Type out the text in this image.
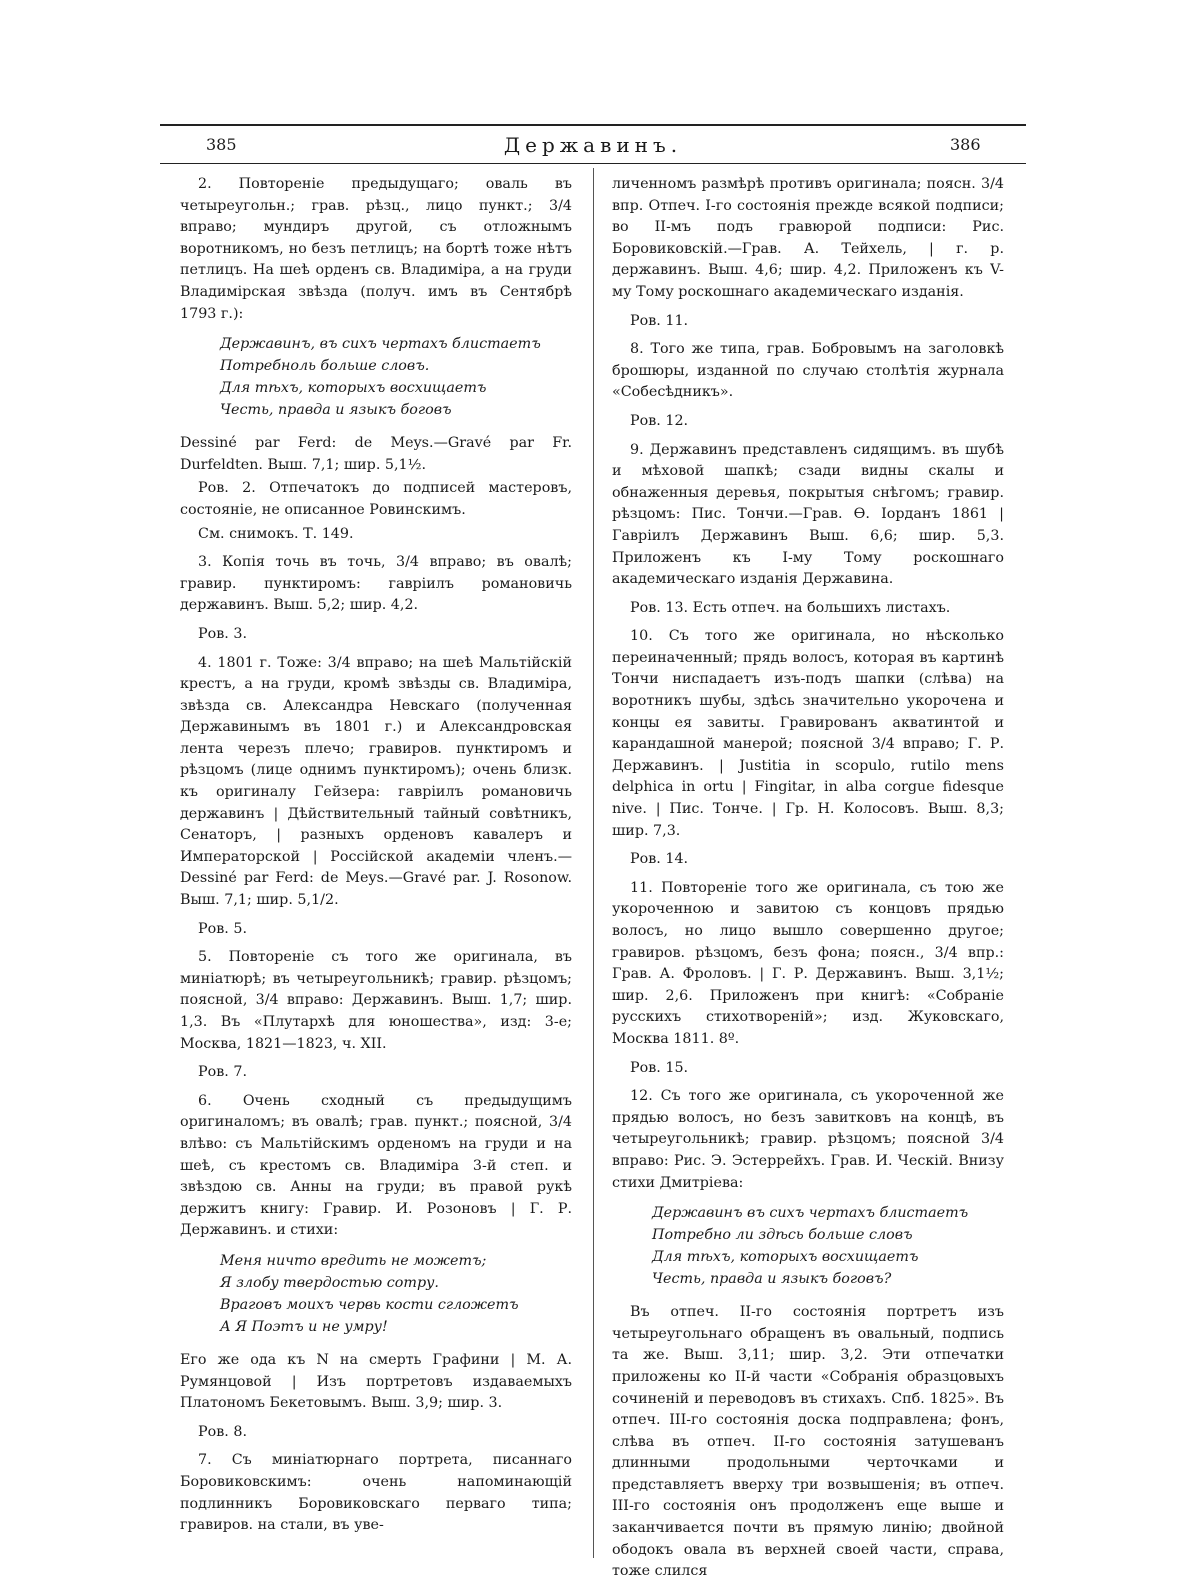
385	Державинъ.	386

2. Повтореніе предыдущаго; оваль въ четыреугольн.; грав. рѣзц., лицо пункт.; 3/4 вправо; мундиръ другой, съ отложнымъ воротникомъ, но безъ петлицъ; на бортѣ тоже нѣтъ петлицъ. На шеѣ орденъ св. Владиміра, а на груди Владимірская звѣзда (получ. имъ въ Сентябрѣ 1793 г.):

Державинъ, въ сихъ чертахъ блистаетъ
Потребноль больше словъ.
Для тѣхъ, которыхъ восхищаетъ
Честь, правда и языкъ боговъ

Dessiné par Ferd: de Meys.—Gravé par Fr. Durfeldten. Выш. 7,1; шир. 5,1½.

Ров. 2. Отпечатокъ до подписей мастеровъ, состояніе, не описанное Ровинскимъ.

См. снимокъ. Т. 149.

3. Копія точь въ точь, 3/4 вправо; въ овалѣ; гравир. пунктиромъ: гавріилъ романовичь державинъ. Выш. 5,2; шир. 4,2.

Ров. 3.

4. 1801 г. Тоже: 3/4 вправо; на шеѣ Мальтійскій крестъ, а на груди, кромѣ звѣзды св. Владиміра, звѣзда св. Александра Невскаго (полученная Державинымъ въ 1801 г.) и Александровская лента черезъ плечо; гравиров. пунктиромъ и рѣзцомъ (лице однимъ пунктиромъ); очень близк. къ оригиналу Гейзера: гавріилъ романовичь державинъ | Дѣйствительный тайный совѣтникъ, Сенаторъ, | разныхъ орденовъ кавалеръ и Императорской | Россійской академіи членъ.—Dessiné par Ferd: de Meys.—Gravé par. J. Rosonow. Выш. 7,1; шир. 5,1/2.

Ров. 5.

5. Повтореніе съ того же оригинала, въ миніатюрѣ; въ четыреугольникѣ; гравир. рѣзцомъ; поясной, 3/4 вправо: Державинъ. Выш. 1,7; шир. 1,3. Въ «Плутархѣ для юношества», изд: 3-е; Москва, 1821—1823, ч. XII.

Ров. 7.

6. Очень сходный съ предыдущимъ оригиналомъ; въ овалѣ; грав. пункт.; поясной, 3/4 влѣво: съ Мальтійскимъ орденомъ на груди и на шеѣ, съ крестомъ св. Владиміра 3-й степ. и звѣздою св. Анны на груди; въ правой рукѣ держитъ книгу: Гравир. И. Розоновъ | Г. Р. Державинъ. и стихи:

Меня ничто вредить не можетъ;
Я злобу твердостью сотру.
Враговъ моихъ червь кости сгложетъ
А Я Поэтъ и не умру!

Его же ода къ N на смерть Графини | М. А. Румянцовой | Изъ портретовъ издаваемыхъ Платономъ Бекетовымъ. Выш. 3,9; шир. 3.

Ров. 8.

7. Съ миніатюрнаго портрета, писаннаго Боровиковскимъ: очень напоминающій подлинникъ Боровиковскаго перваго типа; гравиров. на стали, въ уве-

личенномъ размѣрѣ противъ оригинала; поясн. 3/4 впр. Отпеч. I-го состоянія прежде всякой подписи; во II-мъ подъ гравюрой подписи: Рис. Боровиковскій.—Грав. А. Тейхель, | г. р. державинъ. Выш. 4,6; шир. 4,2. Приложенъ къ V-му Тому роскошнаго академическаго изданія.

Ров. 11.

8. Того же типа, грав. Бобровымъ на заголовкѣ брошюры, изданной по случаю столѣтія журнала «Собесѣдникъ».

Ров. 12.

9. Державинъ представленъ сидящимъ. въ шубѣ и мѣховой шапкѣ; сзади видны скалы и обнаженныя деревья, покрытыя снѣгомъ; гравир. рѣзцомъ: Пис. Тончи.—Грав. Ѳ. Іорданъ 1861 | Гавріилъ Державинъ Выш. 6,6; шир. 5,3. Приложенъ къ I-му Тому роскошнаго академическаго изданія Державина.

Ров. 13. Есть отпеч. на большихъ листахъ.

10. Съ того же оригинала, но нѣсколько переиначенный; прядь волосъ, которая въ картинѣ Тончи ниспадаетъ изъ-подъ шапки (слѣва) на воротникъ шубы, здѣсь значительно укорочена и концы ея завиты. Гравированъ акватинтой и карандашной манерой; поясной 3/4 вправо; Г. Р. Державинъ. | Justitia in scopulo, rutilo mens delphica in ortu | Fingitar, in alba corgue fidesque nive. | Пис. Тонче. | Гр. Н. Колосовъ. Выш. 8,3; шир. 7,3.

Ров. 14.

11. Повтореніе того же оригинала, съ тою же укороченною и завитою съ концовъ прядью волосъ, но лицо вышло совершенно другое; гравиров. рѣзцомъ, безъ фона; поясн., 3/4 впр.: Грав. А. Фроловъ. | Г. Р. Державинъ. Выш. 3,1½; шир. 2,6. Приложенъ при книгѣ: «Собраніе русскихъ стихотвореній»; изд. Жуковскаго, Москва 1811. 8º.

Ров. 15.

12. Съ того же оригинала, съ укороченной же прядью волосъ, но безъ завитковъ на концѣ, въ четыреугольникѣ; гравир. рѣзцомъ; поясной 3/4 вправо: Рис. Э. Эстеррейхъ. Грав. И. Ческій. Внизу стихи Дмитріева:

Державинъ въ сихъ чертахъ блистаетъ
Потребно ли здѣсь больше словъ
Для тѣхъ, которыхъ восхищаетъ
Честь, правда и языкъ боговъ?

Въ отпеч. II-го состоянія портретъ изъ четыреугольнаго обращенъ въ овальный, подпись та же. Выш. 3,11; шир. 3,2. Эти отпечатки приложены ко II-й части «Собранія образцовыхъ сочиненій и переводовъ въ стихахъ. Спб. 1825». Въ отпеч. III-го состоянія доска подправлена; фонъ, слѣва въ отпеч. II-го состоянія затушеванъ длинными продольными черточками и представляетъ вверху три возвышенія; въ отпеч. III-го состоянія онъ продолженъ еще выше и заканчивается почти въ прямую линію; двойной ободокъ овала въ верхней своей части, справа, тоже слился
